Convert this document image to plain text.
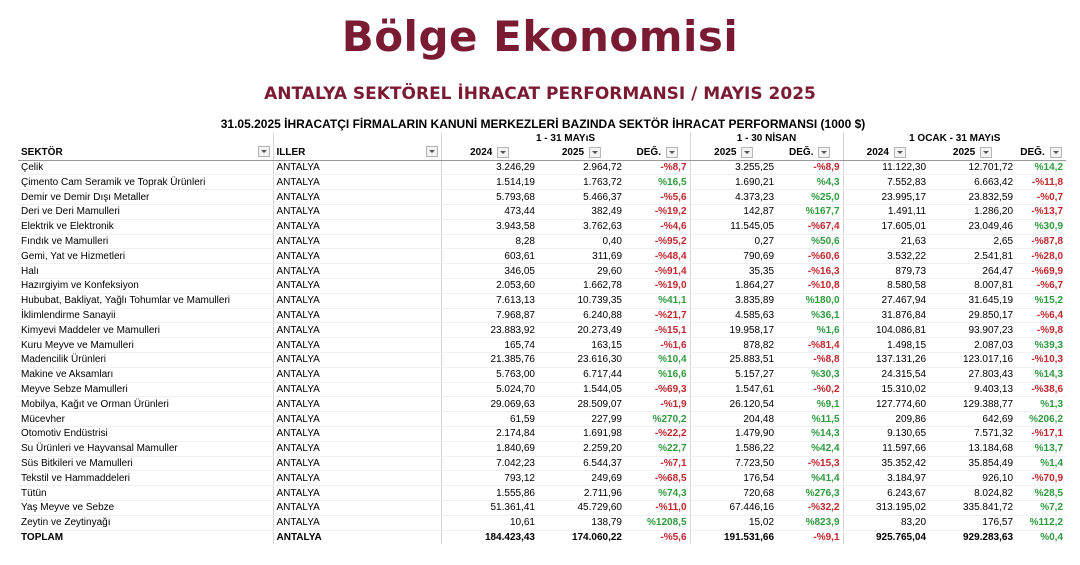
Bölge Ekonomisi
ANTALYA SEKTÖREL İHRACAT PERFORMANSI / MAYIS 2025
31.05.2025 İHRACATÇI FİRMALARIN KANUNİ MERKEZLERİ BAZINDA SEKTÖR İHRACAT PERFORMANSI (1000 $)
		1 - 31 MAYıS			1 - 30 NİSAN		1 OCAK - 31 MAYıS		
SEKTÖR	ILLER	2024	2025	DEĞ.	2025	DEĞ.	2024	2025	DEĞ.
Çelik	ANTALYA	3.246,29	2.964,72	-%8,7	3.255,25	-%8,9	11.122,30	12.701,72	%14,2
Çimento Cam Seramik ve Toprak Ürünleri	ANTALYA	1.514,19	1.763,72	%16,5	1.690,21	%4,3	7.552,83	6.663,42	-%11,8
Demir ve Demir Dışı Metaller	ANTALYA	5.793,68	5.466,37	-%5,6	4.373,23	%25,0	23.995,17	23.832,59	-%0,7
Deri ve Deri Mamulleri	ANTALYA	473,44	382,49	-%19,2	142,87	%167,7	1.491,11	1.286,20	-%13,7
Elektrik ve Elektronik	ANTALYA	3.943,58	3.762,63	-%4,6	11.545,05	-%67,4	17.605,01	23.049,46	%30,9
Fındık ve Mamulleri	ANTALYA	8,28	0,40	-%95,2	0,27	%50,6	21,63	2,65	-%87,8
Gemi, Yat ve Hizmetleri	ANTALYA	603,61	311,69	-%48,4	790,69	-%60,6	3.532,22	2.541,81	-%28,0
Halı	ANTALYA	346,05	29,60	-%91,4	35,35	-%16,3	879,73	264,47	-%69,9
Hazırgiyim ve Konfeksiyon	ANTALYA	2.053,60	1.662,78	-%19,0	1.864,27	-%10,8	8.580,58	8.007,81	-%6,7
Hububat, Bakliyat, Yağlı Tohumlar ve Mamulleri	ANTALYA	7.613,13	10.739,35	%41,1	3.835,89	%180,0	27.467,94	31.645,19	%15,2
İklimlendirme Sanayii	ANTALYA	7.968,87	6.240,88	-%21,7	4.585,63	%36,1	31.876,84	29.850,17	-%6,4
Kimyevi Maddeler ve Mamulleri	ANTALYA	23.883,92	20.273,49	-%15,1	19.958,17	%1,6	104.086,81	93.907,23	-%9,8
Kuru Meyve ve Mamulleri	ANTALYA	165,74	163,15	-%1,6	878,82	-%81,4	1.498,15	2.087,03	%39,3
Madencilik Ürünleri	ANTALYA	21.385,76	23.616,30	%10,4	25.883,51	-%8,8	137.131,26	123.017,16	-%10,3
Makine ve Aksamları	ANTALYA	5.763,00	6.717,44	%16,6	5.157,27	%30,3	24.315,54	27.803,43	%14,3
Meyve Sebze Mamulleri	ANTALYA	5.024,70	1.544,05	-%69,3	1.547,61	-%0,2	15.310,02	9.403,13	-%38,6
Mobilya, Kağıt ve Orman Ürünleri	ANTALYA	29.069,63	28.509,07	-%1,9	26.120,54	%9,1	127.774,60	129.388,77	%1,3
Mücevher	ANTALYA	61,59	227,99	%270,2	204,48	%11,5	209,86	642,69	%206,2
Otomotiv Endüstrisi	ANTALYA	2.174,84	1.691,98	-%22,2	1.479,90	%14,3	9.130,65	7.571,32	-%17,1
Su Ürünleri ve Hayvansal Mamuller	ANTALYA	1.840,69	2.259,20	%22,7	1.586,22	%42,4	11.597,66	13.184,68	%13,7
Süs Bitkileri ve Mamulleri	ANTALYA	7.042,23	6.544,37	-%7,1	7.723,50	-%15,3	35.352,42	35.854,49	%1,4
Tekstil ve Hammaddeleri	ANTALYA	793,12	249,69	-%68,5	176,54	%41,4	3.184,97	926,10	-%70,9
Tütün	ANTALYA	1.555,86	2.711,96	%74,3	720,68	%276,3	6.243,67	8.024,82	%28,5
Yaş Meyve ve Sebze	ANTALYA	51.361,41	45.729,60	-%11,0	67.446,16	-%32,2	313.195,02	335.841,72	%7,2
Zeytin ve Zeytinyağı	ANTALYA	10,61	138,79	%1208,5	15,02	%823,9	83,20	176,57	%112,2
TOPLAM	ANTALYA	184.423,43	174.060,22	-%5,6	191.531,66	-%9,1	925.765,04	929.283,63	%0,4
